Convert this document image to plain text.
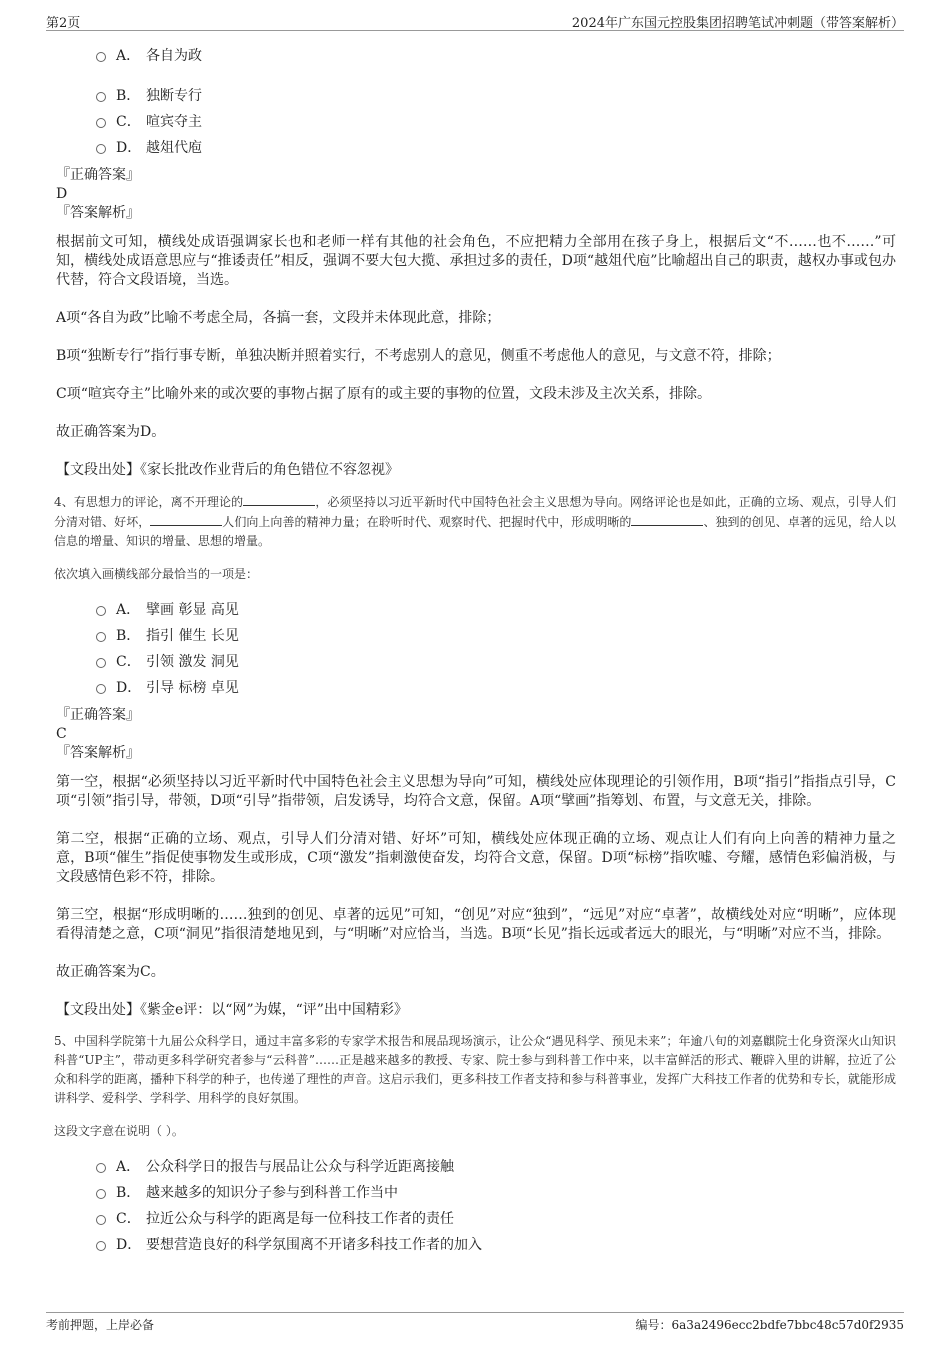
第2页	2024年广东国元控股集团招聘笔试冲刺题（带答案解析）
A． 各自为政
B． 独断专行
C． 喧宾夺主
D． 越俎代庖
『正确答案』
D
『答案解析』

根据前文可知，横线处成语强调家长也和老师一样有其他的社会角色，不应把精力全部用在孩子身上，根据后文“不……也不……”可知，横线处成语意思应与“推诿责任”相反，强调不要大包大揽、承担过多的责任，D项“越俎代庖”比喻超出自己的职责，越权办事或包办代替，符合文段语境，当选。

A项“各自为政”比喻不考虑全局，各搞一套，文段并未体现此意，排除；

B项“独断专行”指行事专断，单独决断并照着实行，不考虑别人的意见，侧重不考虑他人的意见，与文意不符，排除；

C项“喧宾夺主”比喻外来的或次要的事物占据了原有的或主要的事物的位置，文段未涉及主次关系，排除。

故正确答案为D。

【文段出处】《家长批改作业背后的角色错位不容忽视》

4、有思想力的评论，离不开理论的	，必须坚持以习近平新时代中国特色社会主义思想为导向。网络评论也是如此，正确的立场、观点，引导人们分清对错、好坏，	人们向上向善的精神力量；在聆听时代、观察时代、把握时代中，形成明晰的	、独到的创见、卓著的远见，给人以信息的增量、知识的增量、思想的增量。

依次填入画横线部分最恰当的一项是：

A． 擘画 彰显 高见
B． 指引 催生 长见
C． 引领 激发 洞见
D． 引导 标榜 卓见
『正确答案』
C
『答案解析』

第一空，根据“必须坚持以习近平新时代中国特色社会主义思想为导向”可知，横线处应体现理论的引领作用，B项“指引”指指点引导，C项“引领”指引导，带领，D项“引导”指带领，启发诱导，均符合文意，保留。A项“擘画”指筹划、布置，与文意无关，排除。

第二空，根据“正确的立场、观点，引导人们分清对错、好坏”可知，横线处应体现正确的立场、观点让人们有向上向善的精神力量之意，B项“催生”指促使事物发生或形成，C项“激发”指刺激使奋发，均符合文意，保留。D项“标榜”指吹嘘、夸耀，感情色彩偏消极，与文段感情色彩不符，排除。

第三空，根据“形成明晰的……独到的创见、卓著的远见”可知，“创见”对应“独到”，“远见”对应“卓著”，故横线处对应“明晰”，应体现看得清楚之意，C项“洞见”指很清楚地见到，与“明晰”对应恰当，当选。B项“长见”指长远或者远大的眼光，与“明晰”对应不当，排除。

故正确答案为C。

【文段出处】《紫金e评：以“网”为媒，“评”出中国精彩》

5、中国科学院第十九届公众科学日，通过丰富多彩的专家学术报告和展品现场演示，让公众“遇见科学、预见未来”；年逾八旬的刘嘉麒院士化身资深火山知识科普“UP主”，带动更多科学研究者参与“云科普”……正是越来越多的教授、专家、院士参与到科普工作中来，以丰富鲜活的形式、鞭辟入里的讲解，拉近了公众和科学的距离，播种下科学的种子，也传递了理性的声音。这启示我们，更多科技工作者支持和参与科普事业，发挥广大科技工作者的优势和专长，就能形成讲科学、爱科学、学科学、用科学的良好氛围。

这段文字意在说明（ ）。

A． 公众科学日的报告与展品让公众与科学近距离接触
B． 越来越多的知识分子参与到科普工作当中
C． 拉近公众与科学的距离是每一位科技工作者的责任
D． 要想营造良好的科学氛围离不开诸多科技工作者的加入
考前押题，上岸必备	编号：6a3a2496ecc2bdfe7bbc48c57d0f2935
